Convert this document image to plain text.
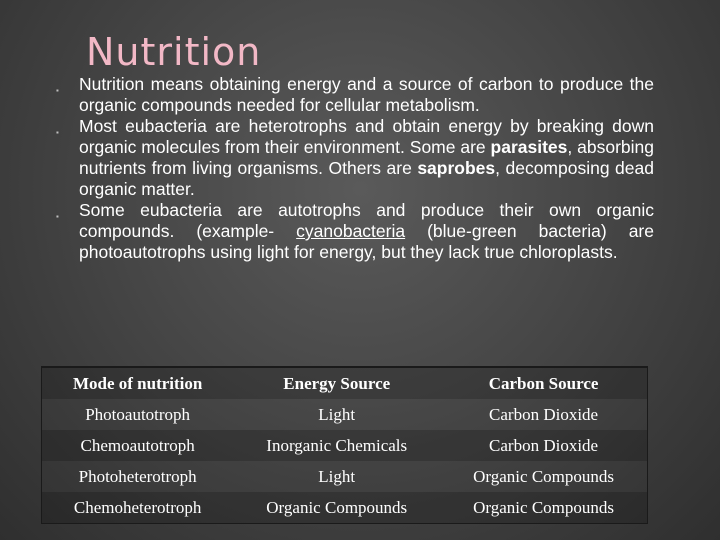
Nutrition
▪ Nutrition means obtaining energy and a source of carbon to produce the organic compounds needed for cellular metabolism.
▪ Most eubacteria are heterotrophs and obtain energy by breaking down organic molecules from their environment. Some are parasites, absorbing nutrients from living organisms. Others are saprobes, decomposing dead organic matter.
▪ Some eubacteria are autotrophs and produce their own organic compounds. (example- cyanobacteria (blue-green bacteria) are photoautotrophs using light for energy, but they lack true chloroplasts.
Mode of nutrition	Energy Source	Carbon Source
Photoautotroph	Light	Carbon Dioxide
Chemoautotroph	Inorganic Chemicals	Carbon Dioxide
Photoheterotroph	Light	Organic Compounds
Chemoheterotroph	Organic Compounds	Organic Compounds
